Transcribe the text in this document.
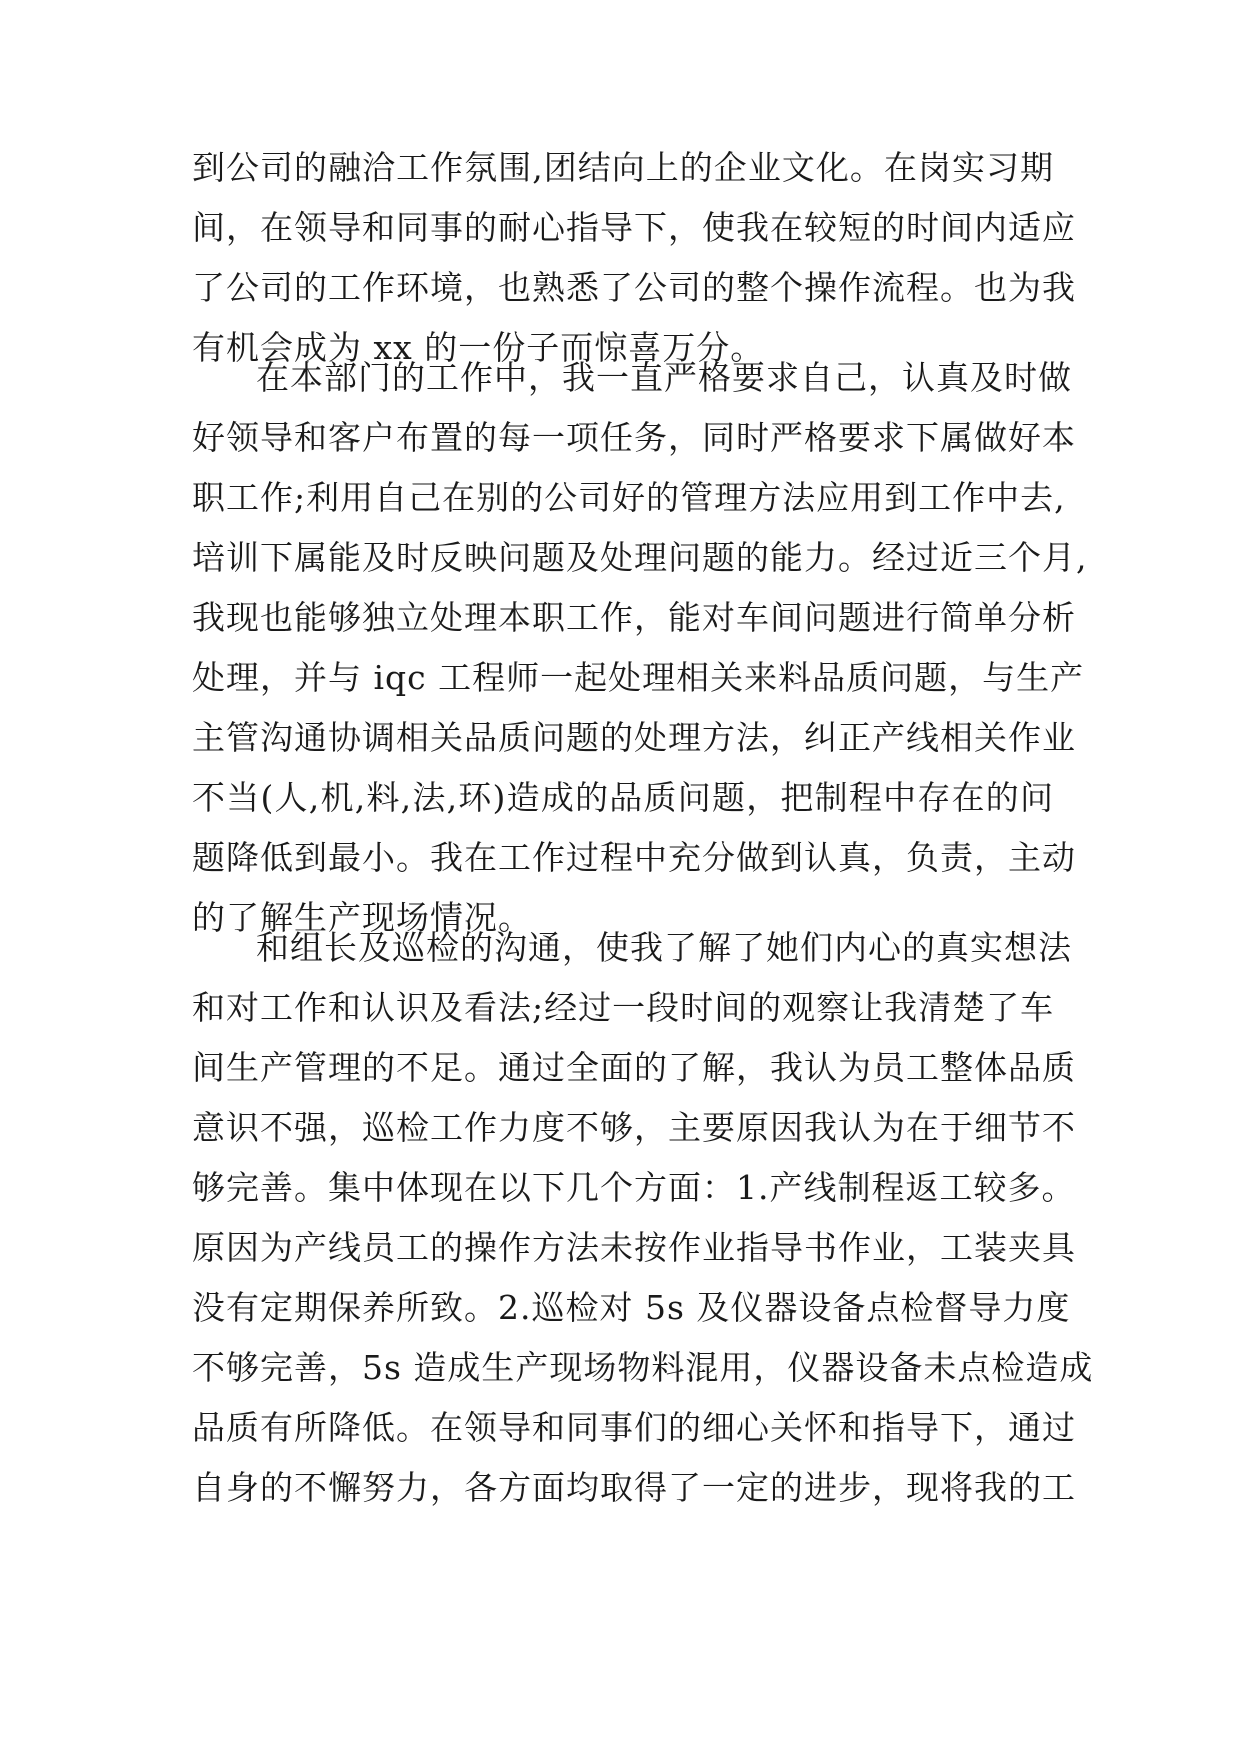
到公司的融洽工作氛围,团结向上的企业文化。在岗实习期
间，在领导和同事的耐心指导下，使我在较短的时间内适应
了公司的工作环境，也熟悉了公司的整个操作流程。也为我
有机会成为 xx 的一份子而惊喜万分。
在本部门的工作中，我一直严格要求自己，认真及时做
好领导和客户布置的每一项任务，同时严格要求下属做好本
职工作;利用自己在别的公司好的管理方法应用到工作中去,
培训下属能及时反映问题及处理问题的能力。经过近三个月,
我现也能够独立处理本职工作，能对车间问题进行简单分析
处理，并与 iqc 工程师一起处理相关来料品质问题，与生产
主管沟通协调相关品质问题的处理方法，纠正产线相关作业
不当(人,机,料,法,环)造成的品质问题，把制程中存在的问
题降低到最小。我在工作过程中充分做到认真，负责，主动
的了解生产现场情况。
和组长及巡检的沟通，使我了解了她们内心的真实想法
和对工作和认识及看法;经过一段时间的观察让我清楚了车
间生产管理的不足。通过全面的了解，我认为员工整体品质
意识不强，巡检工作力度不够，主要原因我认为在于细节不
够完善。集中体现在以下几个方面：1.产线制程返工较多。
原因为产线员工的操作方法未按作业指导书作业，工装夹具
没有定期保养所致。2.巡检对 5s 及仪器设备点检督导力度
不够完善，5s 造成生产现场物料混用，仪器设备未点检造成
品质有所降低。在领导和同事们的细心关怀和指导下，通过
自身的不懈努力，各方面均取得了一定的进步，现将我的工
